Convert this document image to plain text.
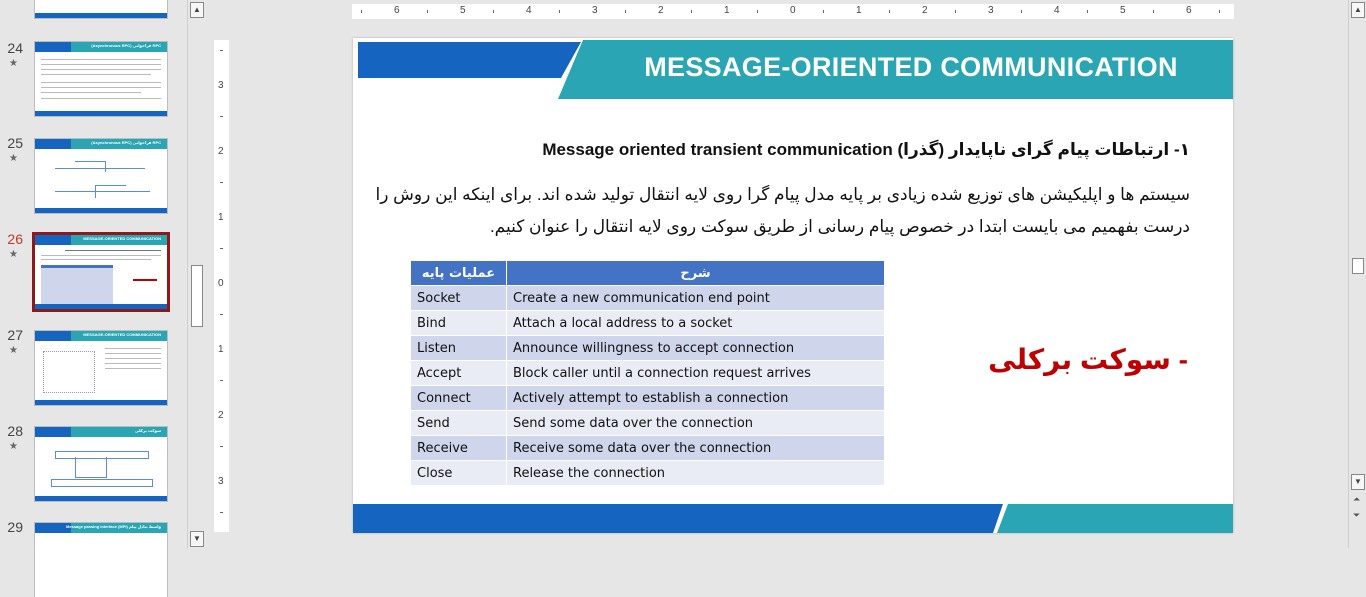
24
★
(Asynchronous RPC) فراخوانی RPC
25
★
(Asynchronous RPC) فراخوانی RPC
26
★
MESSAGE-ORIENTED COMMUNICATION
27
★
MESSAGE-ORIENTED COMMUNICATION
28
★
سوکت برکلی
29	Message passing interface (MPI) واسط تبادل پیام
▲
▼
6	5	4	3	2	1	0	1	2	3	4	5	6
3
2
1
0
1
2
3
MESSAGE-ORIENTED COMMUNICATION
۱- ارتباطات پیام گرای ناپایدار (گذرا) Message oriented transient communication
سیستم ها و اپلیکیشن های توزیع شده زیادی بر پایه مدل پیام گرا روی لایه انتقال تولید شده اند. برای اینکه این روش را درست بفهمیم می بایست ابتدا در خصوص پیام رسانی از طریق سوکت روی لایه انتقال را عنوان کنیم.
عملیات پایه	شرح
Socket	Create a new communication end point
Bind	Attach a local address to a socket
Listen	Announce willingness to accept connection
Accept	Block caller until a connection request arrives
Connect	Actively attempt to establish a connection
Send	Send some data over the connection
Receive	Receive some data over the connection
Close	Release the connection
- سوکت برکلی
▲
▼
⏶
⏷
